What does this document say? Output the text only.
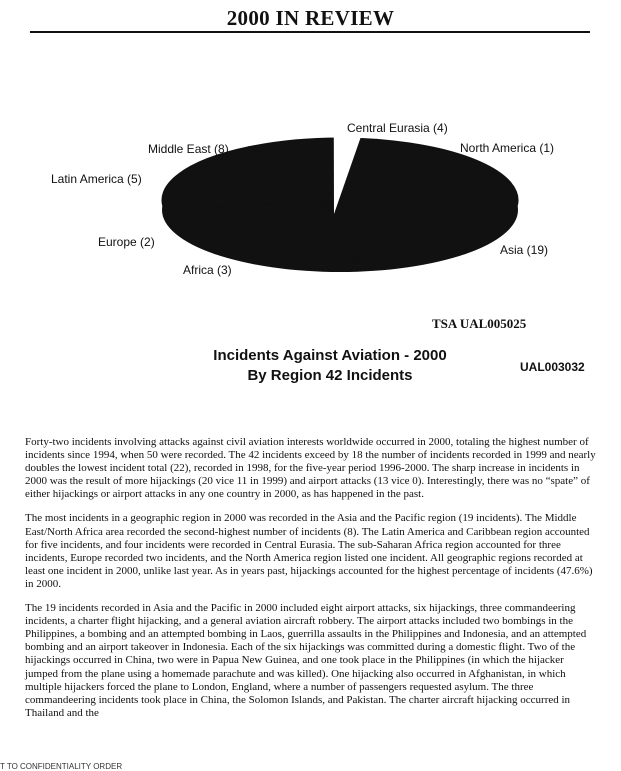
2000 IN REVIEW
Asia (19)
Africa (3)
Europe (2)
Latin America (5)
Middle East (8)
Central Eurasia (4)
North America (1)
TSA UAL005025
Incidents Against Aviation - 2000
By Region 42 Incidents	UAL003032

Forty-two incidents involving attacks against civil aviation interests worldwide occurred in 2000, totaling the highest number of incidents since 1994, when 50 were recorded. The 42 incidents exceed by 18 the number of incidents recorded in 1999 and nearly doubles the lowest incident total (22), recorded in 1998, for the five-year period 1996-2000. The sharp increase in incidents in 2000 was the result of more hijackings (20 vice 11 in 1999) and airport attacks (13 vice 0). Interestingly, there was no “spate” of either hijackings or airport attacks in any one country in 2000, as has happened in the past.

The most incidents in a geographic region in 2000 was recorded in the Asia and the Pacific region (19 incidents). The Middle East/North Africa area recorded the second-highest number of incidents (8). The Latin America and Caribbean region accounted for five incidents, and four incidents were recorded in Central Eurasia. The sub-Saharan Africa region accounted for three incidents, Europe recorded two incidents, and the North America region listed one incident. All geographic regions recorded at least one incident in 2000, unlike last year. As in years past, hijackings accounted for the highest percentage of incidents (47.6%) in 2000.

The 19 incidents recorded in Asia and the Pacific in 2000 included eight airport attacks, six hijackings, three commandeering incidents, a charter flight hijacking, and a general aviation aircraft robbery. The airport attacks included two bombings in the Philippines, a bombing and an attempted bombing in Laos, guerrilla assaults in the Philippines and Indonesia, and an attempted bombing and an airport takeover in Indonesia. Each of the six hijackings was committed during a domestic flight. Two of the hijackings occurred in China, two were in Papua New Guinea, and one took place in the Philippines (in which the hijacker jumped from the plane using a homemade parachute and was killed). One hijacking also occurred in Afghanistan, in which multiple hijackers forced the plane to London, England, where a number of passengers requested asylum. The three commandeering incidents took place in China, the Solomon Islands, and Pakistan. The charter aircraft hijacking occurred in Thailand and the

T TO CONFIDENTIALITY ORDER
